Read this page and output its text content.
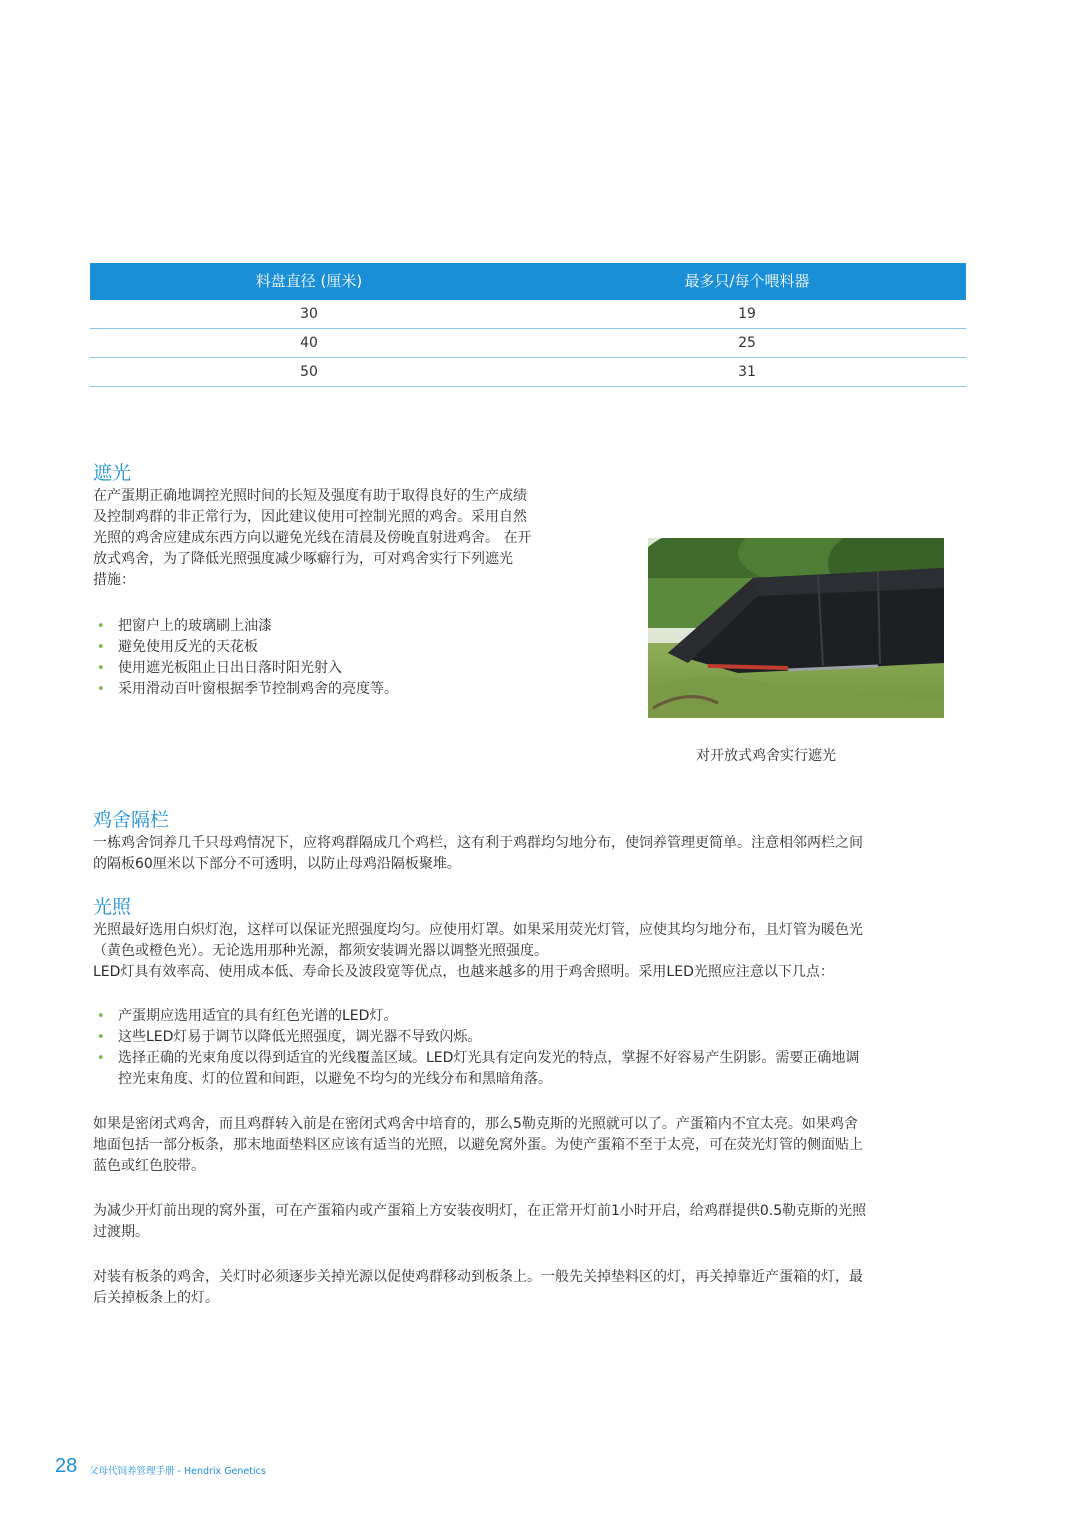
料盘直径 (厘米)	最多只/每个喂料器
30	19
40	25
50	31
遮光
在产蛋期正确地调控光照时间的长短及强度有助于取得良好的生产成绩
及控制鸡群的非正常行为，因此建议使用可控制光照的鸡舍。采用自然
光照的鸡舍应建成东西方向以避免光线在清晨及傍晚直射进鸡舍。 在开
放式鸡舍，为了降低光照强度减少啄癖行为，可对鸡舍实行下列遮光
措施：
• 把窗户上的玻璃刷上油漆
• 避免使用反光的天花板
• 使用遮光板阻止日出日落时阳光射入
• 采用滑动百叶窗根据季节控制鸡舍的亮度等。
对开放式鸡舍实行遮光
鸡舍隔栏
一栋鸡舍饲养几千只母鸡情况下，应将鸡群隔成几个鸡栏，这有利于鸡群均匀地分布，使饲养管理更简单。注意相邻两栏之间
的隔板60厘米以下部分不可透明，以防止母鸡沿隔板聚堆。
光照
光照最好选用白炽灯泡，这样可以保证光照强度均匀。应使用灯罩。如果采用荧光灯管，应使其均匀地分布，且灯管为暖色光
（黄色或橙色光）。无论选用那种光源，都须安装调光器以调整光照强度。
LED灯具有效率高、使用成本低、寿命长及波段宽等优点，也越来越多的用于鸡舍照明。采用LED光照应注意以下几点：
• 产蛋期应选用适宜的具有红色光谱的LED灯。
• 这些LED灯易于调节以降低光照强度，调光器不导致闪烁。
• 选择正确的光束角度以得到适宜的光线覆盖区域。LED灯光具有定向发光的特点，掌握不好容易产生阴影。需要正确地调
控光束角度、灯的位置和间距，以避免不均匀的光线分布和黑暗角落。
如果是密闭式鸡舍，而且鸡群转入前是在密闭式鸡舍中培育的，那么5勒克斯的光照就可以了。产蛋箱内不宜太亮。如果鸡舍
地面包括一部分板条，那末地面垫料区应该有适当的光照，以避免窝外蛋。为使产蛋箱不至于太亮，可在荧光灯管的侧面贴上
蓝色或红色胶带。
为减少开灯前出现的窝外蛋，可在产蛋箱内或产蛋箱上方安装夜明灯，在正常开灯前1小时开启，给鸡群提供0.5勒克斯的光照
过渡期。
对装有板条的鸡舍，关灯时必须逐步关掉光源以促使鸡群移动到板条上。一般先关掉垫料区的灯，再关掉靠近产蛋箱的灯，最
后关掉板条上的灯。
28 父母代饲养管理手册 - Hendrix Genetics
